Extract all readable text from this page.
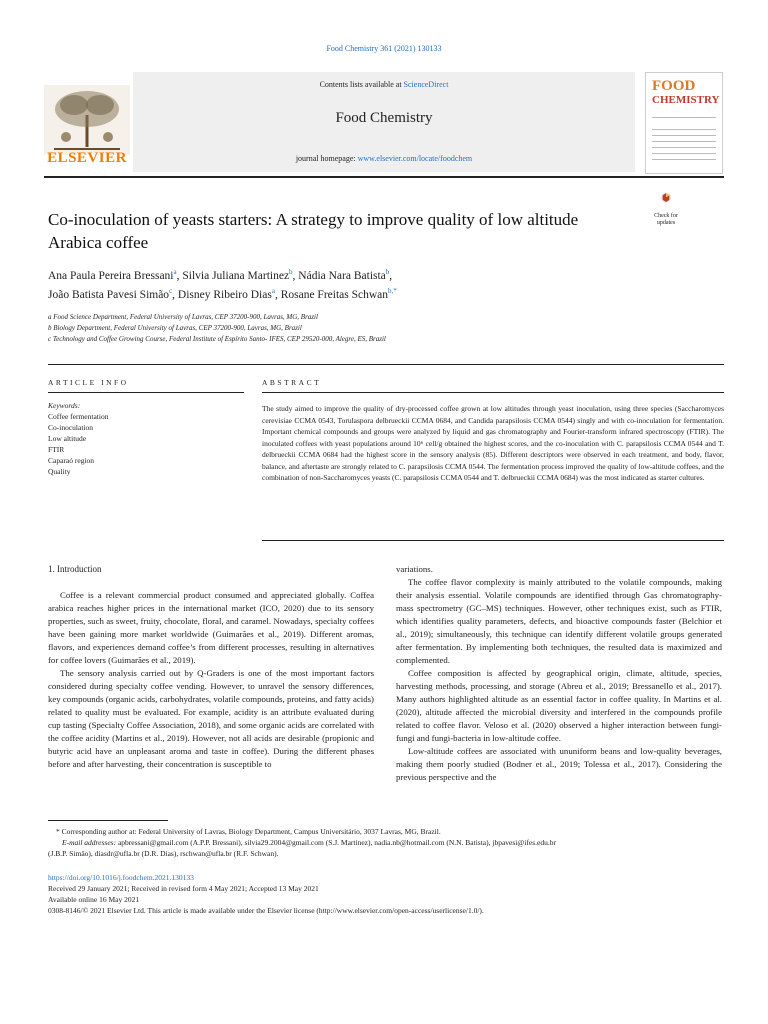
Food Chemistry 361 (2021) 130133
ELSEVIER
Contents lists available at ScienceDirect
Food Chemistry
journal homepage: www.elsevier.com/locate/foodchem
FOOD
CHEMISTRY
Co-inoculation of yeasts starters: A strategy to improve quality of low altitude Arabica coffee
Check for
updates
Ana Paula Pereira Bressani$^a$, Silvia Juliana Martinez$^b$, Nádia Nara Batista$^b$,
João Batista Pavesi Simão$^c$, Disney Ribeiro Dias$^a$, Rosane Freitas Schwan$^{b,*}$
a Food Science Department, Federal University of Lavras, CEP 37200-900, Lavras, MG, Brazil
b Biology Department, Federal University of Lavras, CEP 37200-900, Lavras, MG, Brazil
c Technology and Coffee Growing Course, Federal Institute of Espírito Santo- IFES, CEP 29520-000, Alegre, ES, Brazil
ARTICLE INFO	ABSTRACT
Keywords:
Coffee fermentation
Co-inoculation
Low altitude
FTIR
Caparaó region
Quality
The study aimed to improve the quality of dry-processed coffee grown at low altitudes through yeast inoculation, using three species (Saccharomyces cerevisiae CCMA 0543, Torulaspora delbrueckii CCMA 0684, and Candida parapsilosis CCMA 0544) singly and with co-inoculation for fermentation. Important chemical compounds and groups were analyzed by liquid and gas chromatography and Fourier-transform infrared spectroscopy (FTIR). The inoculated coffees with yeast populations around 10⁶ cell/g obtained the highest scores, and the co-inoculation with C. parapsilosis CCMA 0544 and T. delbrueckii CCMA 0684 had the highest score in the sensory analysis (85). Different descriptors were observed in each treatment, and body, flavor, balance, and aftertaste are strongly related to C. parapsilosis CCMA 0544. The fermentation process improved the quality of low-altitude coffees, and the combination of non-Saccharomyces yeasts (C. parapsilosis CCMA 0544 and T. delbrueckii CCMA 0684) was the most indicated as starter cultures.
1. Introduction

Coffee is a relevant commercial product consumed and appreciated globally. Coffea arabica reaches higher prices in the international market (ICO, 2020) due to its sensory properties, such as sweet, fruity, chocolate, floral, and caramel. Nowadays, specialty coffees have been gaining more market worldwide (Guimarães et al., 2019). Different aromas, flavors, and experiences demand coffee’s from different processes, resulting in alternatives for coffee lovers (Guimarães et al., 2019).

The sensory analysis carried out by Q-Graders is one of the most important factors considered during specialty coffee vending. However, to unravel the sensory differences, key compounds (organic acids, carbohydrates, volatile compounds, proteins, and fatty acids) related to quality must be evaluated. For example, acidity is an attribute evaluated during cup tasting (Specialty Coffee Association, 2018), and some organic acids are correlated with the coffee acidity (Martins et al., 2019). However, not all acids are desirable (propionic and butyric acid have an unpleasant aroma and taste in coffee). During the different phases before and after harvesting, their concentration is susceptible to

variations.

The coffee flavor complexity is mainly attributed to the volatile compounds, making their analysis essential. Volatile compounds are identified through Gas chromatography-mass spectrometry (GC–MS) techniques. However, other techniques exist, such as FTIR, which identifies quality parameters, defects, and bioactive compounds faster (Belchior et al., 2019); simultaneously, this technique can identify different volatile groups generated after fermentation. By implementing both techniques, the resulted data is maximized and complemented.

Coffee composition is affected by geographical origin, climate, altitude, species, harvesting methods, processing, and storage (Abreu et al., 2019; Bressanello et al., 2017). Many authors highlighted altitude as an essential factor in coffee quality. In Martins et al. (2020), altitude affected the microbial diversity and interfered in the compounds profile related to coffee flavor. Veloso et al. (2020) observed a higher interaction between fungi-fungi and fungi-bacteria in low-altitude coffee.

Low-altitude coffees are associated with ununiform beans and low-quality beverages, making them poorly studied (Bodner et al., 2019; Tolessa et al., 2017). Considering the previous perspective and the

* Corresponding author at: Federal University of Lavras, Biology Department, Campus Universitário, 3037 Lavras, MG, Brazil.
E-mail addresses: apbressani@gmail.com (A.P.P. Bressani), silvia29.2004@gmail.com (S.J. Martinez), nadia.nb@hotmail.com (N.N. Batista), jbpavesi@ifes.edu.br
(J.B.P. Simão), diasdr@ufla.br (D.R. Dias), rschwan@ufla.br (R.F. Schwan).
https://doi.org/10.1016/j.foodchem.2021.130133
Received 29 January 2021; Received in revised form 4 May 2021; Accepted 13 May 2021
Available online 16 May 2021
0308-8146/© 2021 Elsevier Ltd. This article is made available under the Elsevier license (http://www.elsevier.com/open-access/userlicense/1.0/).
